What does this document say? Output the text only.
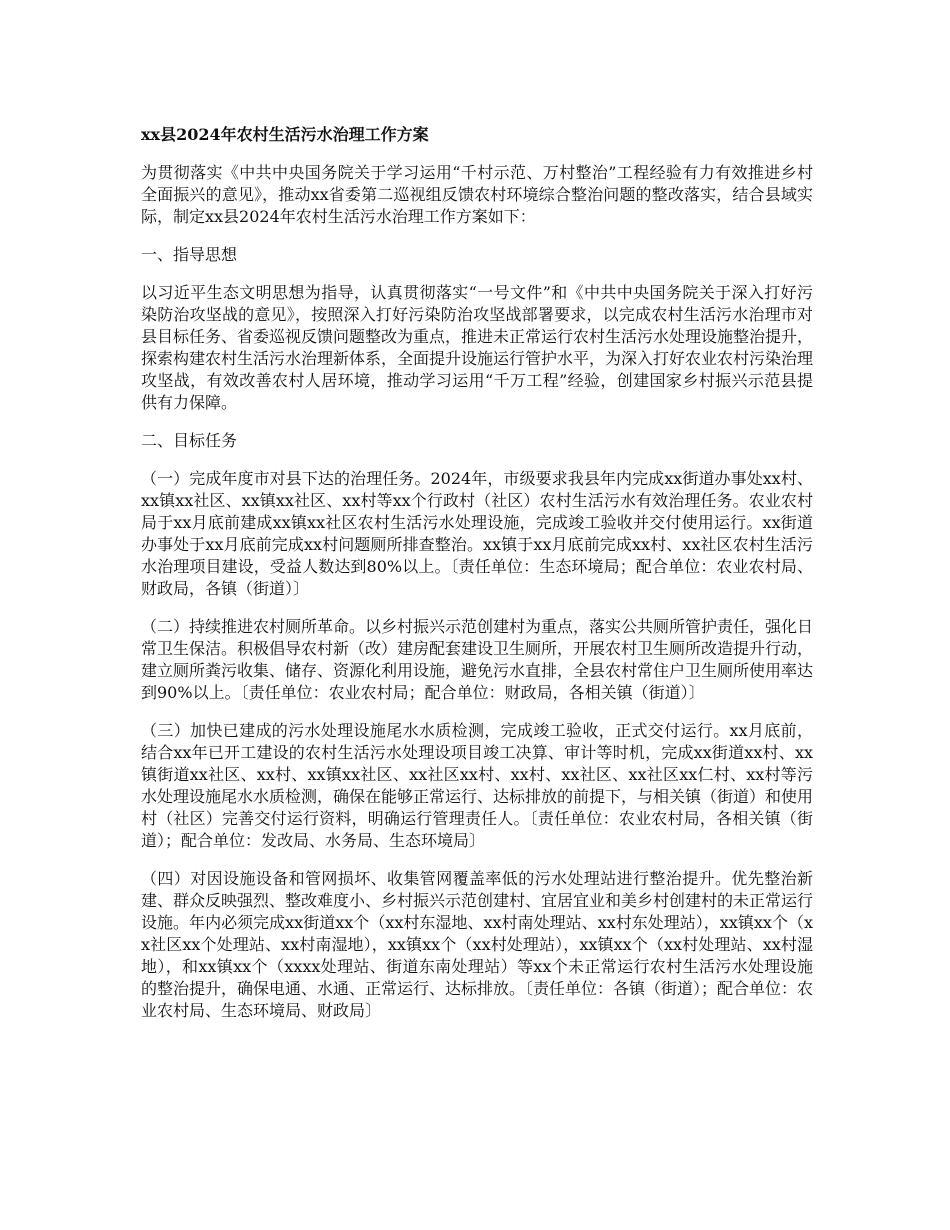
xx县2024年农村生活污水治理工作方案

为贯彻落实《中共中央国务院关于学习运用“千村示范、万村整治”工程经验有力有效推进乡村全面振兴的意见》，推动xx省委第二巡视组反馈农村环境综合整治问题的整改落实，结合县域实际，制定xx县2024年农村生活污水治理工作方案如下：

一、指导思想

以习近平生态文明思想为指导，认真贯彻落实“一号文件”和《中共中央国务院关于深入打好污染防治攻坚战的意见》，按照深入打好污染防治攻坚战部署要求，以完成农村生活污水治理市对县目标任务、省委巡视反馈问题整改为重点，推进未正常运行农村生活污水处理设施整治提升，探索构建农村生活污水治理新体系，全面提升设施运行管护水平，为深入打好农业农村污染治理攻坚战，有效改善农村人居环境，推动学习运用“千万工程”经验，创建国家乡村振兴示范县提供有力保障。

二、目标任务

（一）完成年度市对县下达的治理任务。2024年，市级要求我县年内完成xx街道办事处xx村、xx镇xx社区、xx镇xx社区、xx村等xx个行政村（社区）农村生活污水有效治理任务。农业农村局于xx月底前建成xx镇xx社区农村生活污水处理设施，完成竣工验收并交付使用运行。xx街道办事处于xx月底前完成xx村问题厕所排查整治。xx镇于xx月底前完成xx村、xx社区农村生活污水治理项目建设，受益人数达到80%以上。〔责任单位：生态环境局；配合单位：农业农村局、财政局，各镇（街道）〕

（二）持续推进农村厕所革命。以乡村振兴示范创建村为重点，落实公共厕所管护责任，强化日常卫生保洁。积极倡导农村新（改）建房配套建设卫生厕所，开展农村卫生厕所改造提升行动，建立厕所粪污收集、储存、资源化利用设施，避免污水直排，全县农村常住户卫生厕所使用率达到90%以上。〔责任单位：农业农村局；配合单位：财政局，各相关镇（街道）〕

（三）加快已建成的污水处理设施尾水水质检测，完成竣工验收，正式交付运行。xx月底前，结合xx年已开工建设的农村生活污水处理设项目竣工决算、审计等时机，完成xx街道xx村、xx镇街道xx社区、xx村、xx镇xx社区、xx社区xx村、xx村、xx社区、xx社区xx仁村、xx村等污水处理设施尾水水质检测，确保在能够正常运行、达标排放的前提下，与相关镇（街道）和使用村（社区）完善交付运行资料，明确运行管理责任人。〔责任单位：农业农村局，各相关镇（街道）；配合单位：发改局、水务局、生态环境局〕

（四）对因设施设备和管网损坏、收集管网覆盖率低的污水处理站进行整治提升。优先整治新建、群众反映强烈、整改难度小、乡村振兴示范创建村、宜居宜业和美乡村创建村的未正常运行设施。年内必须完成xx街道xx个（xx村东湿地、xx村南处理站、xx村东处理站），xx镇xx个（xx社区xx个处理站、xx村南湿地），xx镇xx个（xx村处理站），xx镇xx个（xx村处理站、xx村湿地），和xx镇xx个（xxxx处理站、街道东南处理站）等xx个未正常运行农村生活污水处理设施的整治提升，确保电通、水通、正常运行、达标排放。〔责任单位：各镇（街道）；配合单位：农业农村局、生态环境局、财政局〕
